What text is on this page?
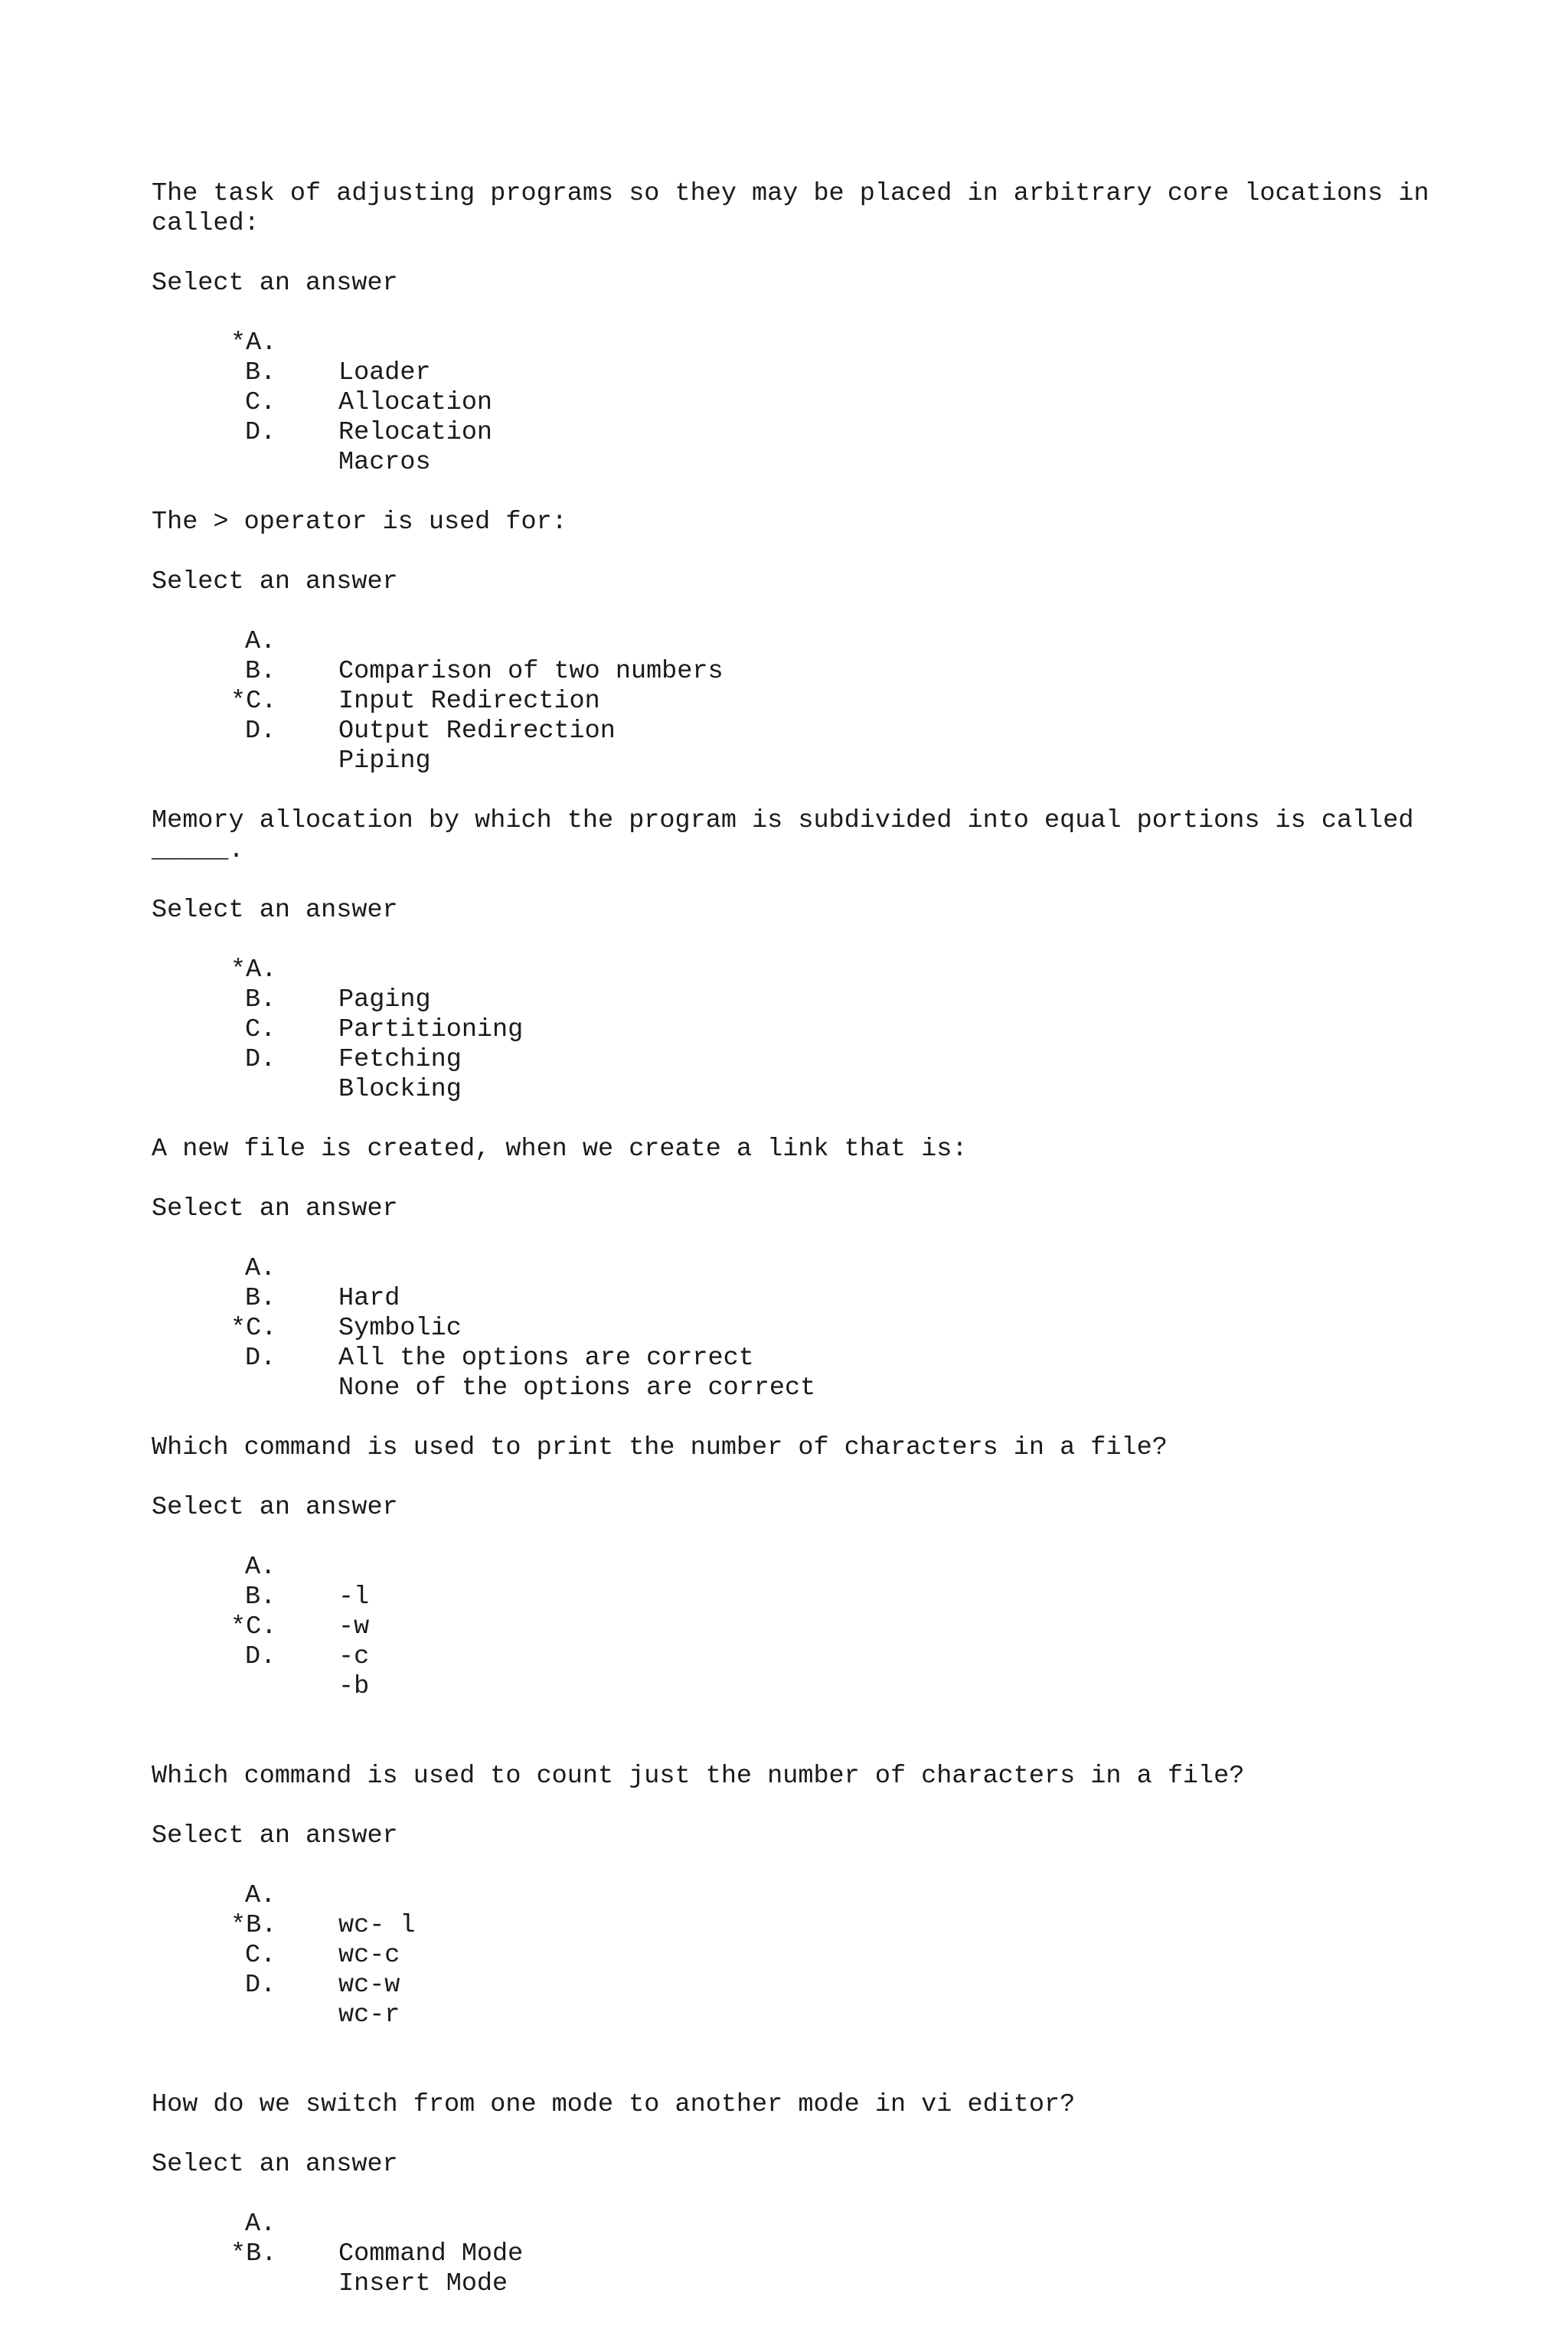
The task of adjusting programs so they may be placed in arbitrary core locations in called:
Select an answer

*A.

Loader

B.

Allocation

C.

Relocation

D.

Macros

The > operator is used for:
Select an answer

A.

Comparison of two numbers

B.

Input Redirection

*C.

Output Redirection

D.

Piping

Memory allocation by which the program is subdivided into equal portions is called _____.
Select an answer

*A.

Paging

B.

Partitioning

C.

Fetching

D.

Blocking

A new file is created, when we create a link that is:
Select an answer

A.

Hard

B.

Symbolic

*C.

All the options are correct

D.

None of the options are correct

Which command is used to print the number of characters in a file?
Select an answer

A.

-l

B.

-w

*C.

-c

D.

-b

Which command is used to count just the number of characters in a file?
Select an answer

A.

wc- l

*B.

wc-c

C.

wc-w

D.

wc-r

How do we switch from one mode to another mode in vi editor?
Select an answer

A.

Command Mode

*B.

Insert Mode
